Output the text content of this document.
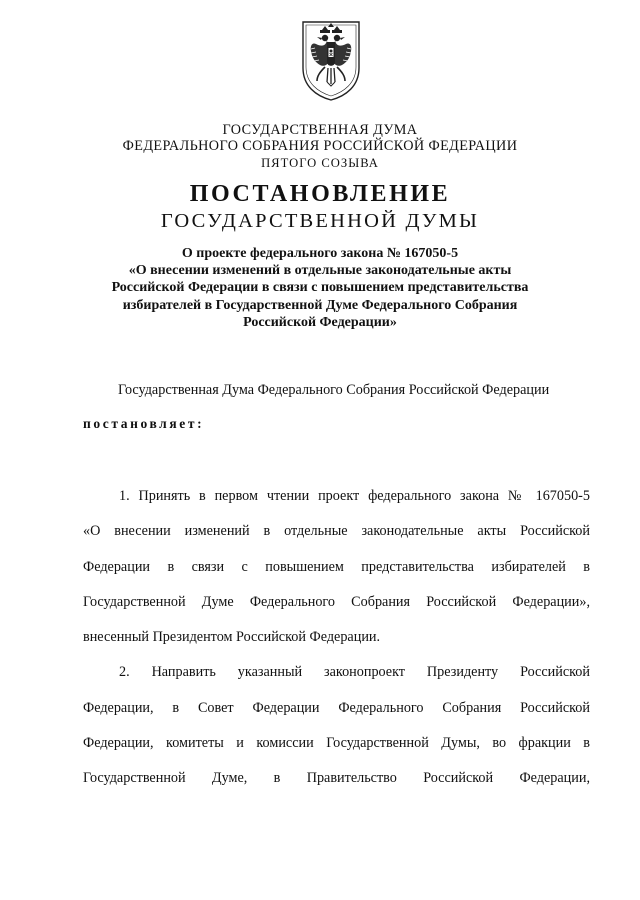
ГОСУДАРСТВЕННАЯ ДУМА
ФЕДЕРАЛЬНОГО СОБРАНИЯ РОССИЙСКОЙ ФЕДЕРАЦИИ
ПЯТОГО СОЗЫВА
ПОСТАНОВЛЕНИЕ
ГОСУДАРСТВЕННОЙ ДУМЫ
О проекте федерального закона № 167050-5
«О внесении изменений в отдельные законодательные акты
Российской Федерации в связи с повышением представительства
избирателей в Государственной Думе Федерального Собрания
Российской Федерации»
Государственная Дума Федерального Собрания Российской Федерации
постановляет:
1. Принять в первом чтении проект федерального закона № 167050-5
«О внесении изменений в отдельные законодательные акты Российской
Федерации в связи с повышением представительства избирателей в
Государственной Думе Федерального Собрания Российской Федерации»,
внесенный Президентом Российской Федерации.
2. Направить указанный законопроект Президенту Российской
Федерации, в Совет Федерации Федерального Собрания Российской
Федерации, комитеты и комиссии Государственной Думы, во фракции в
Государственной Думе, в Правительство Российской Федерации,
